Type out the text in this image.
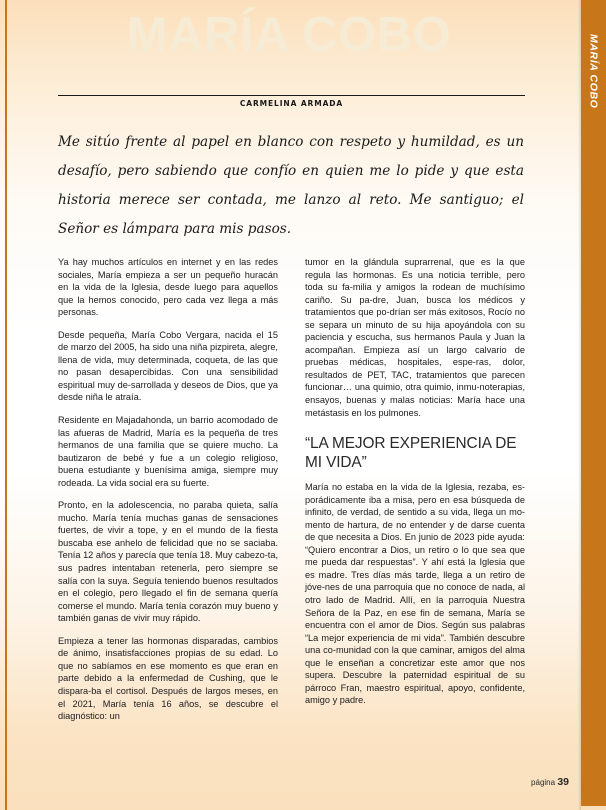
MARÍA COBO
CARMELINA ARMADA
Me sitúo frente al papel en blanco con respeto y humildad, es un desafío, pero sabiendo que confío en quien me lo pide y que esta historia merece ser contada, me lanzo al reto. Me santiguo; el Señor es lámpara para mis pasos.

Ya hay muchos artículos en internet y en las redes sociales, María empieza a ser un pequeño huracán en la vida de la Iglesia, desde luego para aquellos que la hemos conocido, pero cada vez llega a más personas.

Desde pequeña, María Cobo Vergara, nacida el 15 de marzo del 2005, ha sido una niña pizpireta, alegre, llena de vida, muy determinada, coqueta, de las que no pasan desapercibidas. Con una sensibilidad espiritual muy de-sarrollada y deseos de Dios, que ya desde niña le atraía.

Residente en Majadahonda, un barrio acomodado de las afueras de Madrid, María es la pequeña de tres hermanos de una familia que se quiere mucho. La bautizaron de bebé y fue a un colegio religioso, buena estudiante y buenísima amiga, siempre muy rodeada. La vida social era su fuerte.

Pronto, en la adolescencia, no paraba quieta, salía mucho. María tenía muchas ganas de sensaciones fuertes, de vivir a tope, y en el mundo de la fiesta buscaba ese anhelo de felicidad que no se saciaba. Tenía 12 años y parecía que tenía 18. Muy cabezo-ta, sus padres intentaban retenerla, pero siempre se salía con la suya. Seguía teniendo buenos resultados en el colegio, pero llegado el fin de semana quería comerse el mundo. María tenía corazón muy bueno y también ganas de vivir muy rápido.

Empieza a tener las hormonas disparadas, cambios de ánimo, insatisfacciones propias de su edad. Lo que no sabíamos en ese momento es que eran en parte debido a la enfermedad de Cushing, que le dispara-ba el cortisol. Después de largos meses, en el 2021, María tenía 16 años, se descubre el diagnóstico: un

tumor en la glándula suprarrenal, que es la que regula las hormonas. Es una noticia terrible, pero toda su fa-milia y amigos la rodean de muchísimo cariño. Su pa-dre, Juan, busca los médicos y tratamientos que po-drían ser más exitosos, Rocío no se separa un minuto de su hija apoyándola con su paciencia y escucha, sus hermanos Paula y Juan la acompañan. Empieza así un largo calvario de pruebas médicas, hospitales, espe-ras, dolor, resultados de PET, TAC, tratamientos que parecen funcionar… una quimio, otra quimio, inmu-noterapias, ensayos, buenas y malas noticias: María hace una metástasis en los pulmones.

“LA MEJOR EXPERIENCIA DE MI VIDA”

María no estaba en la vida de la Iglesia, rezaba, es-porádicamente iba a misa, pero en esa búsqueda de infinito, de verdad, de sentido a su vida, llega un mo-mento de hartura, de no entender y de darse cuenta de que necesita a Dios. En junio de 2023 pide ayuda: “Quiero encontrar a Dios, un retiro o lo que sea que me pueda dar respuestas”. Y ahí está la Iglesia que es madre. Tres días más tarde, llega a un retiro de jóve-nes de una parroquia que no conoce de nada, al otro lado de Madrid. Allí, en la parroquia Nuestra Señora de la Paz, en ese fin de semana, María se encuentra con el amor de Dios. Según sus palabras “La mejor experiencia de mi vida”. También descubre una co-munidad con la que caminar, amigos del alma que le enseñan a concretizar este amor que nos supera. Descubre la paternidad espiritual de su párroco Fran, maestro espiritual, apoyo, confidente, amigo y padre.

página 39
MARÍA COBO
